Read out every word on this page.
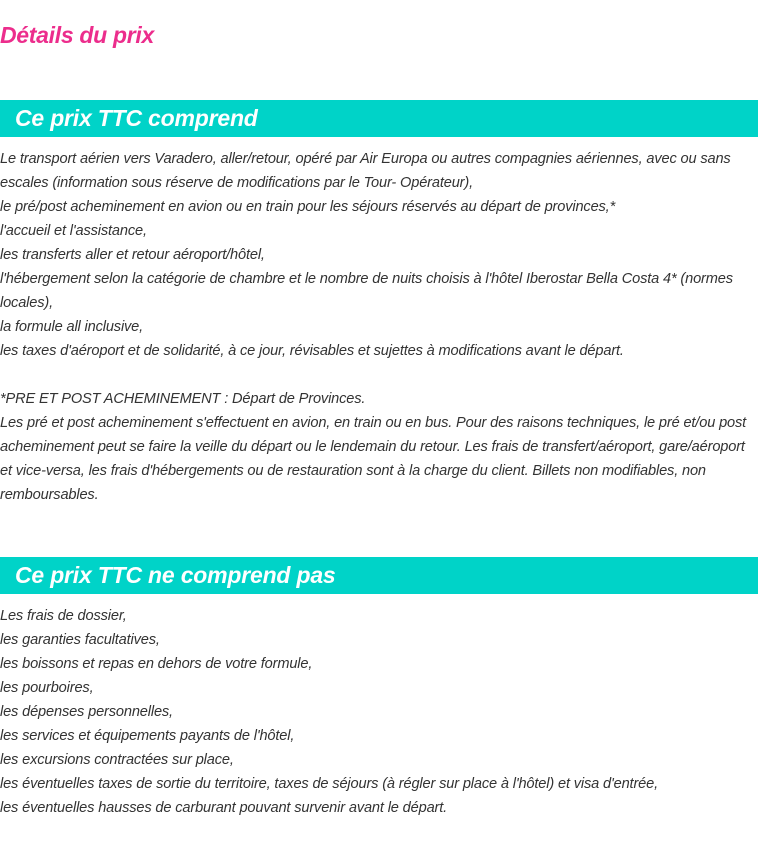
Détails du prix
Ce prix TTC comprend

Le transport aérien vers Varadero, aller/retour, opéré par Air Europa ou autres compagnies aériennes, avec ou sans escales (information sous réserve de modifications par le Tour- Opérateur),

le pré/post acheminement en avion ou en train pour les séjours réservés au départ de provinces,*

l'accueil et l'assistance,

les transferts aller et retour aéroport/hôtel,

l'hébergement selon la catégorie de chambre et le nombre de nuits choisis à l'hôtel Iberostar Bella Costa 4* (normes locales),

la formule all inclusive,

les taxes d'aéroport et de solidarité, à ce jour, révisables et sujettes à modifications avant le départ.

*PRE ET POST ACHEMINEMENT : Départ de Provinces.

Les pré et post acheminement s'effectuent en avion, en train ou en bus. Pour des raisons techniques, le pré et/ou post acheminement peut se faire la veille du départ ou le lendemain du retour. Les frais de transfert/aéroport, gare/aéroport et vice-versa, les frais d'hébergements ou de restauration sont à la charge du client. Billets non modifiables, non remboursables.

Ce prix TTC ne comprend pas

Les frais de dossier,

les garanties facultatives,

les boissons et repas en dehors de votre formule,

les pourboires,

les dépenses personnelles,

les services et équipements payants de l'hôtel,

les excursions contractées sur place,

les éventuelles taxes de sortie du territoire, taxes de séjours (à régler sur place à l'hôtel) et visa d'entrée,

les éventuelles hausses de carburant pouvant survenir avant le départ.
